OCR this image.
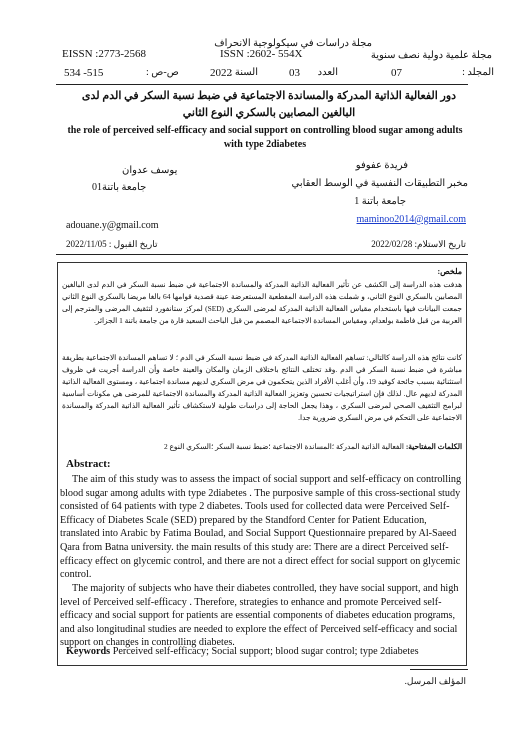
مجلة دراسات في سيكولوجية الانحراف
مجلة علمية دولية نصف سنوية
EISSN :2773-2568	ISSN :2602- 554X
المجلد :
07
العدد
03
السنة :
2022
ص-ص :
534 -515
دور الفعالية الذاتية المدركة والمساندة الاجتماعية في ضبط نسبة السكر في الدم لدى البالغين المصابين بالسكري النوع الثاني
the role of perceived self-efficacy and social support on controlling blood sugar among adults with type 2diabetes
فريدة عفوفو
مخبر التطبيقات النفسية في الوسط العقابي
جامعة باتنة 1
maminoo2014@gmail.com
يوسف عدوان
جامعة باتنة01
adouane.y@gmail.com
تاريخ الاستلام: 2022/02/28
تاريخ القبول : 2022/11/05
ملخص:
هدفت هذه الدراسة إلى الكشف عن تأثير الفعالية الذاتية المدركة والمساندة الاجتماعية في ضبط نسبة السكر في الدم لدى البالغين المصابين بالسكري النوع الثاني، و شملت هذه الدراسة المقطعية المستعرضة عينة قصدية قوامها 64 بالغا مريضا بالسكري النوع الثاني جمعت البيانات فيها باستخدام مقياس الفعالية الذاتية المدركة لمرضى السكري (SED) لمركز ستانفورد لتثقيف المرضى والمترجم إلى العربية من قبل فاطمة بولعدام، ومقياس المساندة الاجتماعية المصمم من قبل الباحث السعيد قارة من جامعة باتنة 1 الجزائر.
كانت نتائج هذه الدراسة كالتالي: تساهم الفعالية الذاتية المدركة في ضبط نسبة السكر في الدم ؛ لا تساهم المساندة الاجتماعية بطريقة مباشرة في ضبط نسبة السكر في الدم .وقد تختلف النتائج باختلاف الزمان والمكان والعينة خاصة وأن الدراسة أجريت في ظروف استثنائية بسبب جائحة كوفيد 19، وأن أغلب الأفراد الذين يتحكمون في مرض السكري لديهم مساندة اجتماعية ، ومستوى الفعالية الذاتية المدركة لديهم عال. لذلك فإن استراتيجيات تحسين وتعزيز الفعالية الذاتية المدركة والمساندة الاجتماعية للمرضى هي مكونات أساسية لبرامج التثقيف الصحي لمرضى السكري ، وهذا يجعل الحاجة إلى دراسات طولية لاستكشاف تأثير الفعالية الذاتية المدركة والمساندة الاجتماعية على التحكم في مرض السكري ضرورية جدا.
الكلمات المفتاحية: الفعالية الذاتية المدركة ؛المساندة الاجتماعية ؛ضبط نسبة السكر ؛السكري النوع 2
Abstract:
The aim of this study was to assess the impact of social support and self-efficacy on controlling blood sugar among adults with type 2diabetes . The purposive sample of this cross-sectional study consisted of 64 patients with type 2 diabetes. Tools used for collected data were Perceived Self-Efficacy of Diabetes Scale (SED) prepared by the Standford Center for Patient Education, translated into Arabic by Fatima Boulad, and Social Support Questionnaire prepared by Al-Saeed Qara from Batna university. the main results of this study are: There are a direct Perceived self-efficacy effect on glycemic control, and there are not a direct effect for social support on glycemic control.
The majority of subjects who have their diabetes controlled, they have social support, and high level of Perceived self-efficacy . Therefore, strategies to enhance and promote Perceived self-efficacy and social support for patients are essential components of diabetes education programs, and also longitudinal studies are needed to explore the effect of Perceived self-efficacy and social support on changes in controlling diabetes.
Keywords Perceived self-efficacy; Social support; blood sugar control; type 2diabetes
المؤلف المرسل.
